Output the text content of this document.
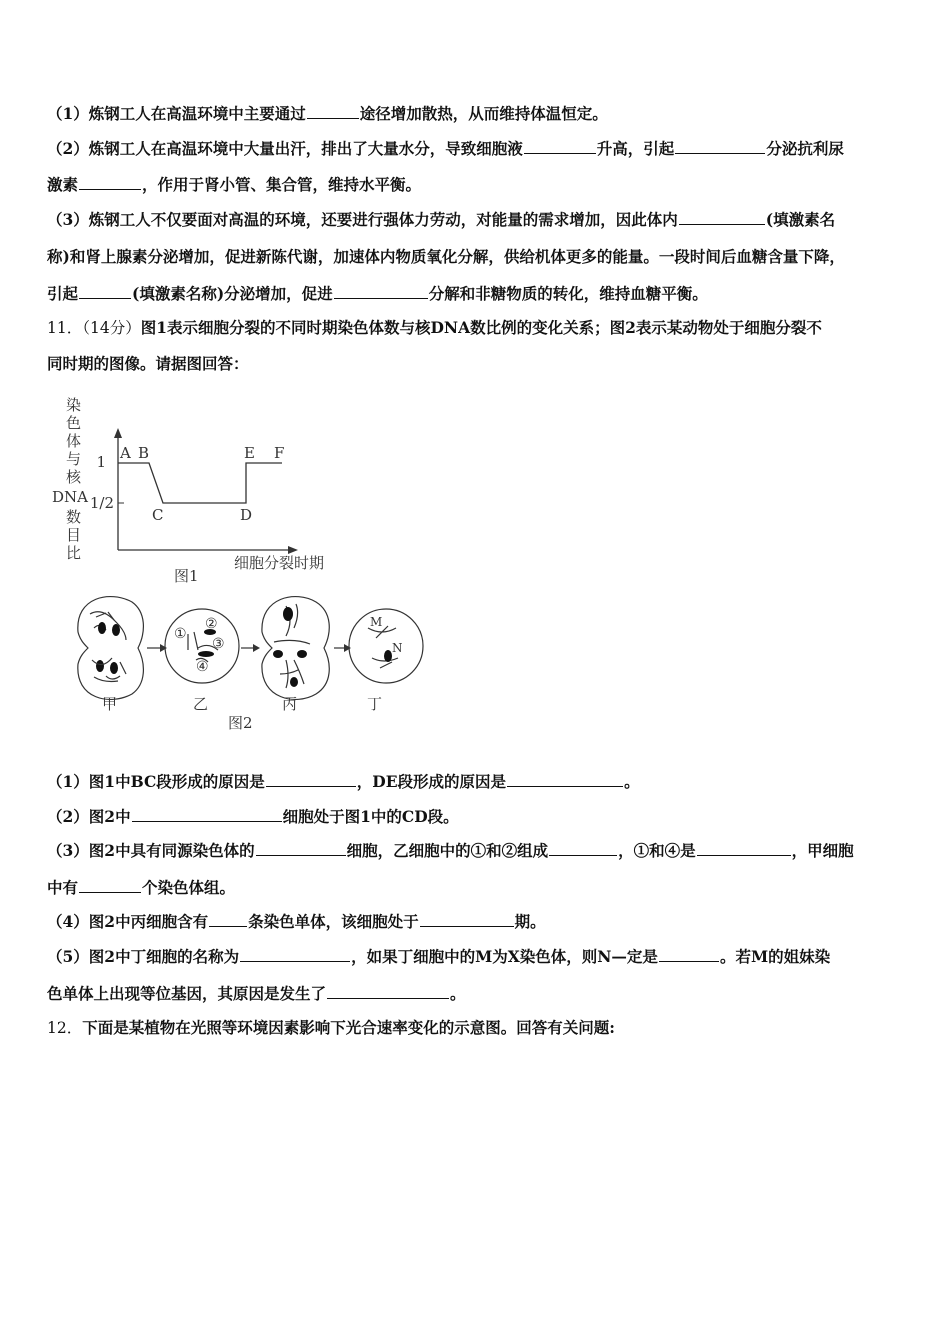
（1）炼钢工人在高温环境中主要通过	途径增加散热，从而维持体温恒定。
（2）炼钢工人在高温环境中大量出汗，排出了大量水分，导致细胞液	升高，引起	分泌抗利尿
激素	，作用于肾小管、集合管，维持水平衡。
（3）炼钢工人不仅要面对高温的环境，还要进行强体力劳动，对能量的需求增加，因此体内	(填激素名
称)和肾上腺素分泌增加，促进新陈代谢，加速体内物质氧化分解，供给机体更多的能量。一段时间后血糖含量下降，
引起	(填激素名称)分泌增加，促进	分解和非糖物质的转化，维持血糖平衡。
11．（14分）图1表示细胞分裂的不同时期染色体数与核DNA数比例的变化关系；图2表示某动物处于细胞分裂不
同时期的图像。请据图回答：
染
色
体
与
核
DNA
数
目
比
1
1/2
A B
C	D
E F
细胞分裂时期
图1
①
②
③
④
M
N
甲	乙	丙	丁
图2
（1）图1中BC段形成的原因是	，DE段形成的原因是	。
（2）图2中	细胞处于图1中的CD段。
（3）图2中具有同源染色体的	细胞，乙细胞中的①和②组成	，①和④是	，甲细胞
中有	个染色体组。
（4）图2中丙细胞含有	条染色单体，该细胞处于	期。
（5）图2中丁细胞的名称为	，如果丁细胞中的M为X染色体，则N—定是	。若M的姐妹染
色单体上出现等位基因，其原因是发生了	。
12．下面是某植物在光照等环境因素影响下光合速率变化的示意图。回答有关问题:
